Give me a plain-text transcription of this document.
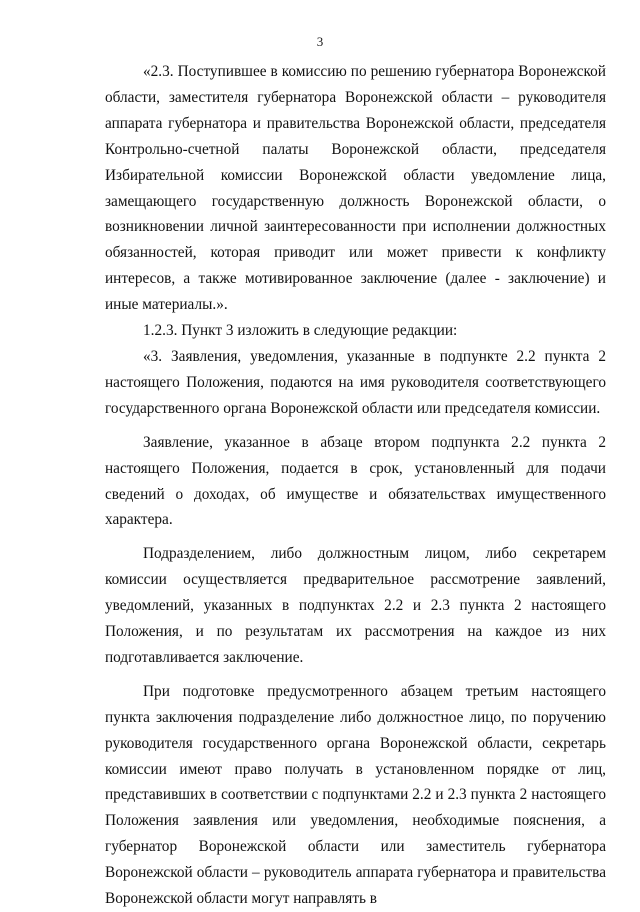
3

«2.3. Поступившее в комиссию по решению губернатора Воронежской области, заместителя губернатора Воронежской области – руководителя аппарата губернатора и правительства Воронежской области, председателя Контрольно-счетной палаты Воронежской области, председателя Избирательной комиссии Воронежской области уведомление лица, замещающего государственную должность Воронежской области, о возникновении личной заинтересованности при исполнении должностных обязанностей, которая приводит или может привести к конфликту интересов, а также мотивированное заключение (далее - заключение) и иные материалы.».

1.2.3. Пункт 3 изложить в следующие редакции:

«3. Заявления, уведомления, указанные в подпункте 2.2 пункта 2 настоящего Положения, подаются на имя руководителя соответствующего государственного органа Воронежской области или председателя комиссии.

Заявление, указанное в абзаце втором подпункта 2.2 пункта 2 настоящего Положения, подается в срок, установленный для подачи сведений о доходах, об имуществе и обязательствах имущественного характера.

Подразделением, либо должностным лицом, либо секретарем комиссии осуществляется предварительное рассмотрение заявлений, уведомлений, указанных в подпунктах 2.2 и 2.3 пункта 2 настоящего Положения, и по результатам их рассмотрения на каждое из них подготавливается заключение.

При подготовке предусмотренного абзацем третьим настоящего пункта заключения подразделение либо должностное лицо, по поручению руководителя государственного органа Воронежской области, секретарь комиссии имеют право получать в установленном порядке от лиц, представивших в соответствии с подпунктами 2.2 и 2.3 пункта 2 настоящего Положения заявления или уведомления, необходимые пояснения, а губернатор Воронежской области или заместитель губернатора Воронежской области – руководитель аппарата губернатора и правительства Воронежской области могут направлять в
